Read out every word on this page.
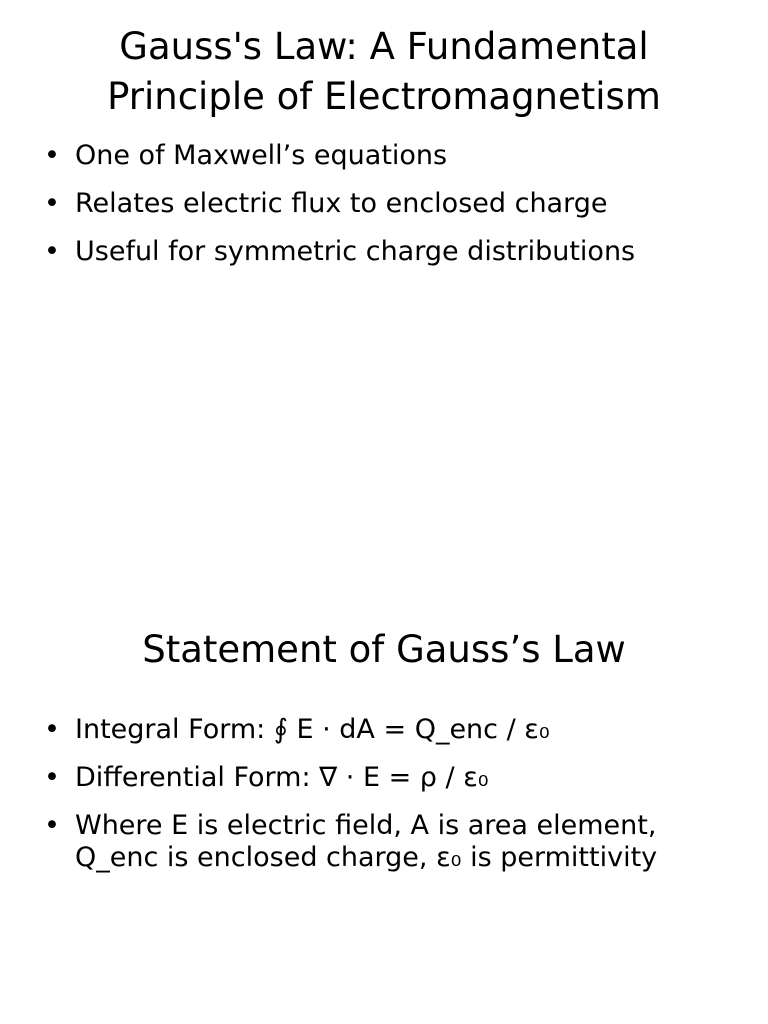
Gauss's Law: A Fundamental Principle of Electromagnetism
• One of Maxwell’s equations
• Relates electric flux to enclosed charge
• Useful for symmetric charge distributions
Statement of Gauss’s Law
• Integral Form: ∮ E · dA = Q_enc / ε₀
• Differential Form: ∇ · E = ρ / ε₀
• Where E is electric field, A is area element, Q_enc is enclosed charge, ε₀ is permittivity
